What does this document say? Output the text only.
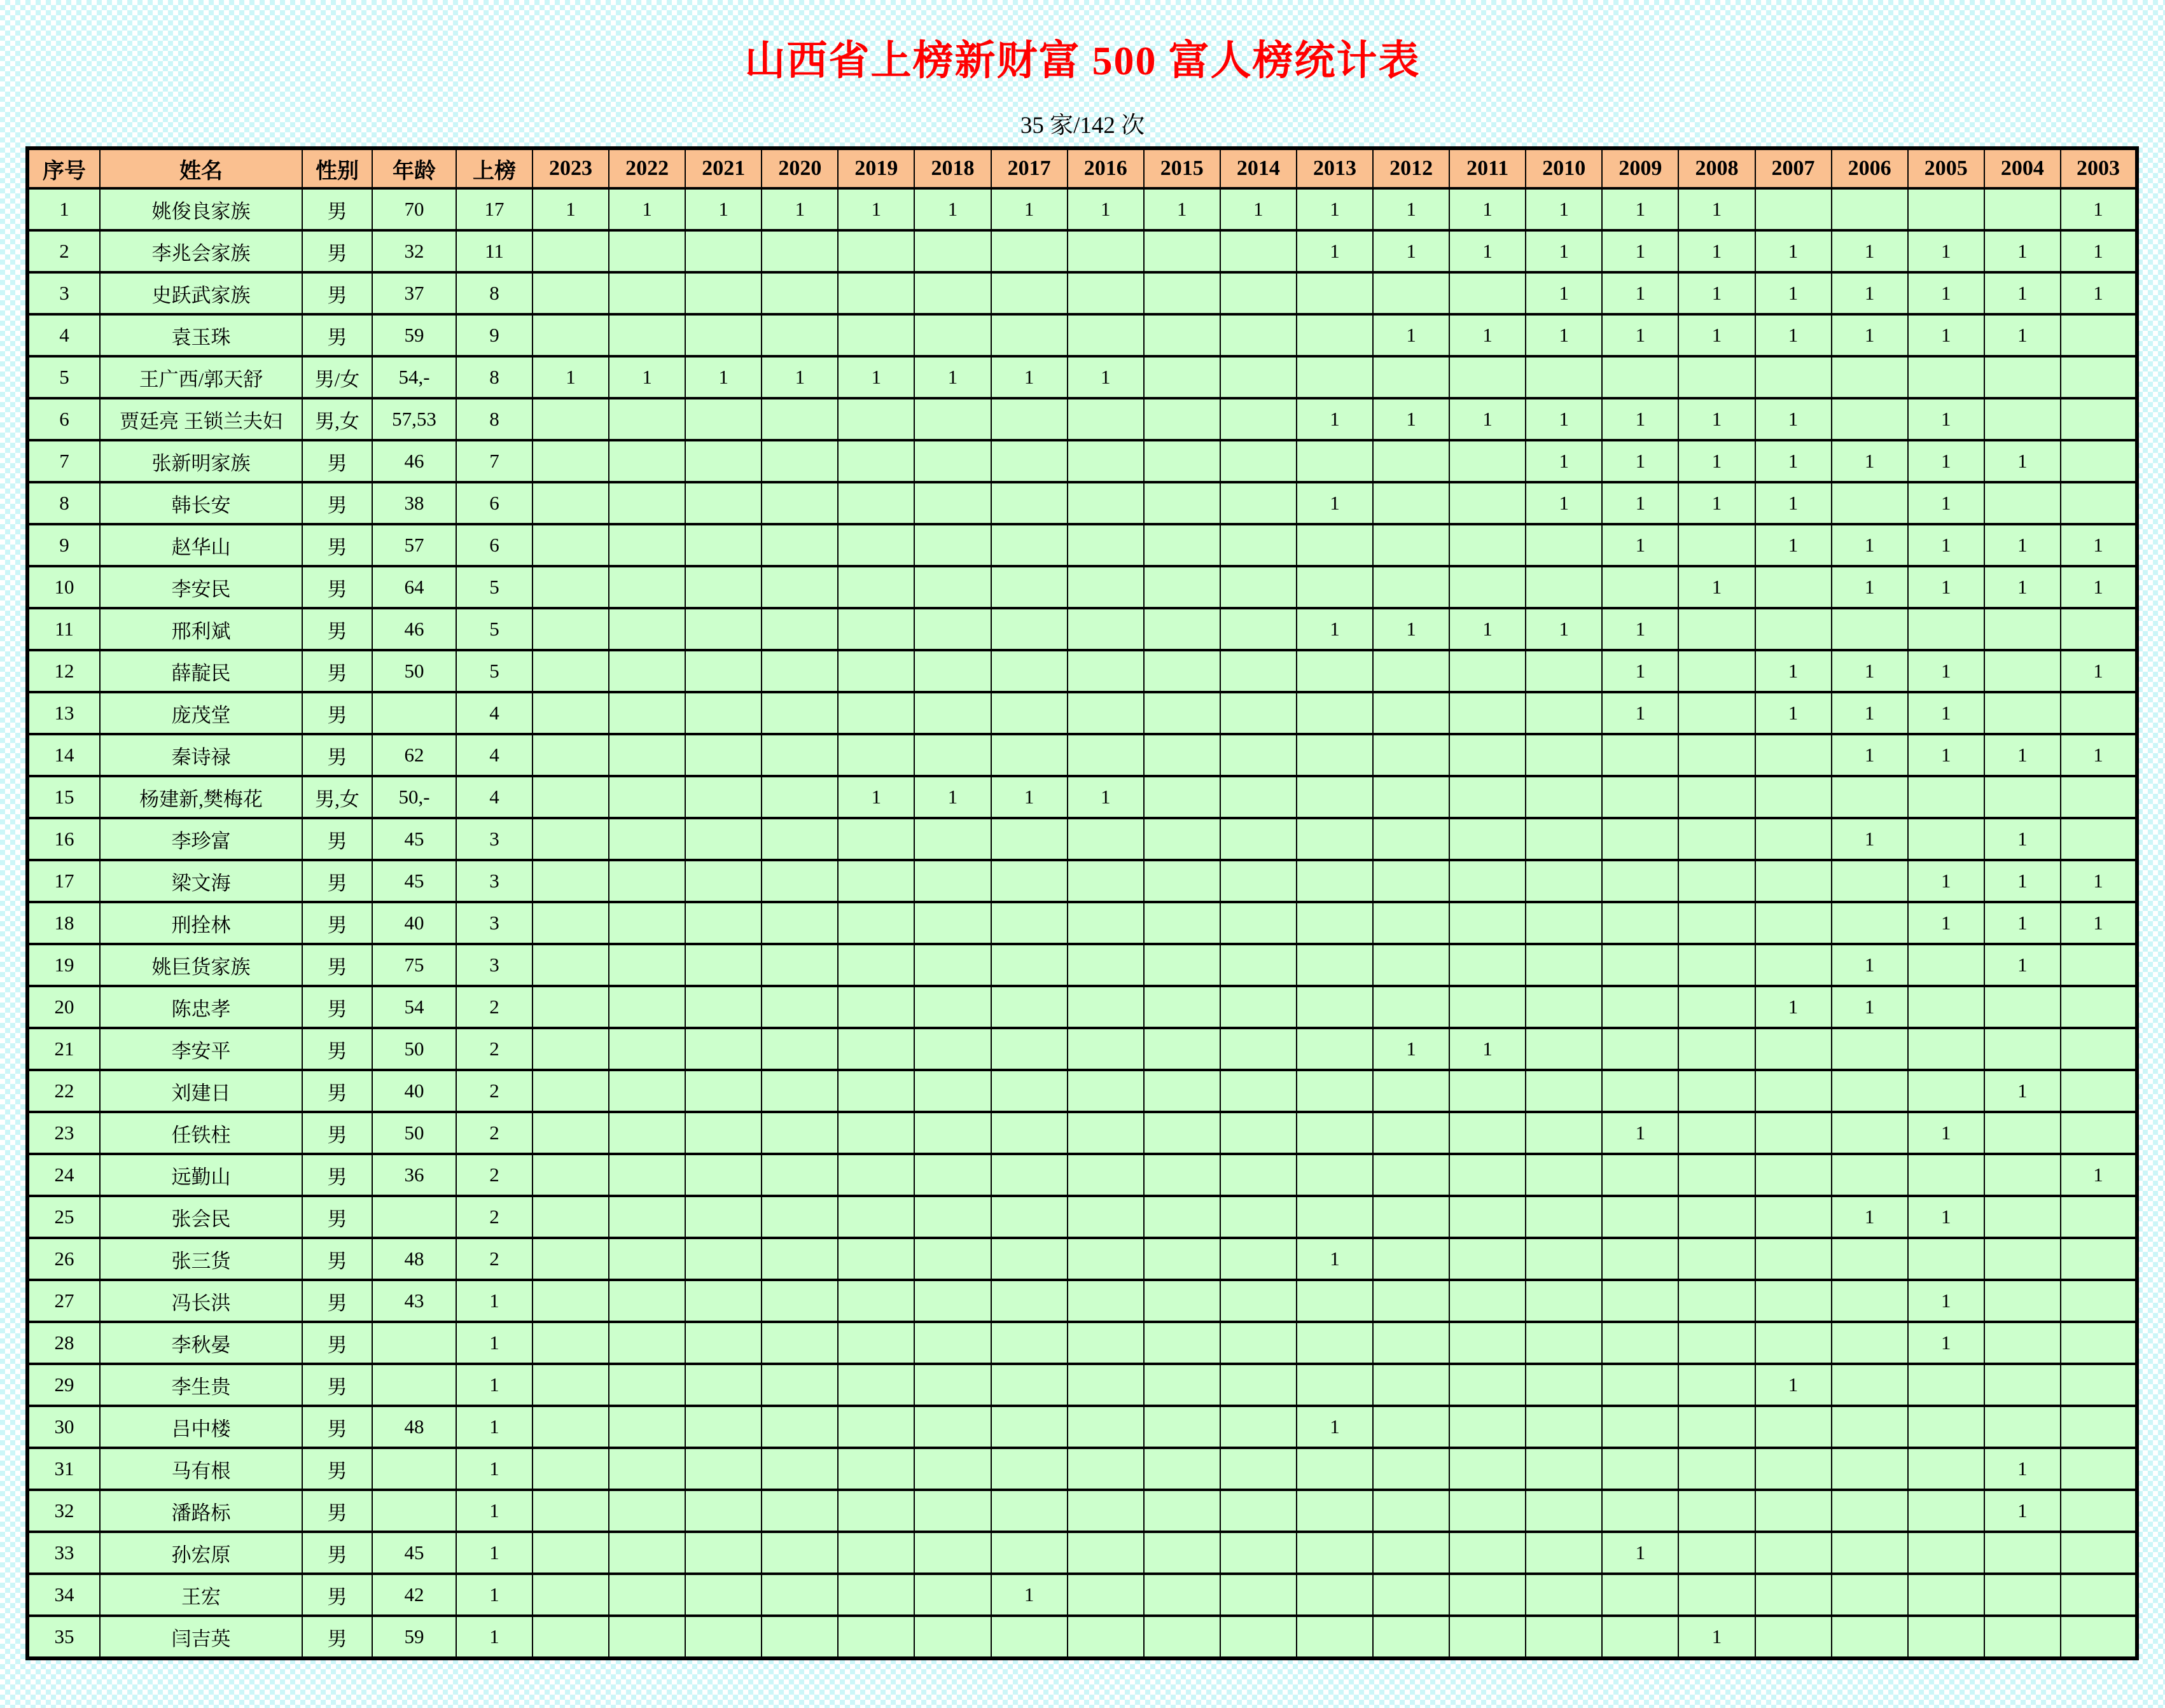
山西省上榜新财富 500 富人榜统计表
35 家/142 次
序号	姓名	性别	年龄	上榜	2023	2022	2021	2020	2019	2018	2017	2016	2015	2014	2013	2012	2011	2010	2009	2008	2007	2006	2005	2004	2003
1	姚俊良家族	男	70	17	1	1	1	1	1	1	1	1	1	1	1	1	1	1	1	1					1
2	李兆会家族	男	32	11											1	1	1	1	1	1	1	1	1	1	1
3	史跃武家族	男	37	8														1	1	1	1	1	1	1	1
4	袁玉珠	男	59	9												1	1	1	1	1	1	1	1	1	
5	王广西/郭天舒	男/女	54,-	8	1	1	1	1	1	1	1	1													
6	贾廷亮 王锁兰夫妇	男,女	57,53	8											1	1	1	1	1	1	1		1		
7	张新明家族	男	46	7														1	1	1	1	1	1	1	
8	韩长安	男	38	6											1			1	1	1	1		1		
9	赵华山	男	57	6															1		1	1	1	1	1
10	李安民	男	64	5																1		1	1	1	1
11	邢利斌	男	46	5											1	1	1	1	1						
12	薛靛民	男	50	5															1		1	1	1		1
13	庞茂堂	男		4															1		1	1	1		
14	秦诗禄	男	62	4																		1	1	1	1
15	杨建新,樊梅花	男,女	50,-	4					1	1	1	1													
16	李珍富	男	45	3																		1		1	
17	梁文海	男	45	3																			1	1	1
18	刑拴林	男	40	3																			1	1	1
19	姚巨货家族	男	75	3																		1		1	
20	陈忠孝	男	54	2																	1	1			
21	李安平	男	50	2												1	1								
22	刘建日	男	40	2																				1	
23	任铁柱	男	50	2															1				1		
24	远勤山	男	36	2																					1
25	张会民	男		2																		1	1		
26	张三货	男	48	2											1										
27	冯长洪	男	43	1																			1		
28	李秋晏	男		1																			1		
29	李生贵	男		1																	1				
30	吕中楼	男	48	1											1										
31	马有根	男		1																				1	
32	潘路标	男		1																				1	
33	孙宏原	男	45	1															1						
34	王宏	男	42	1							1														
35	闫吉英	男	59	1																1					
